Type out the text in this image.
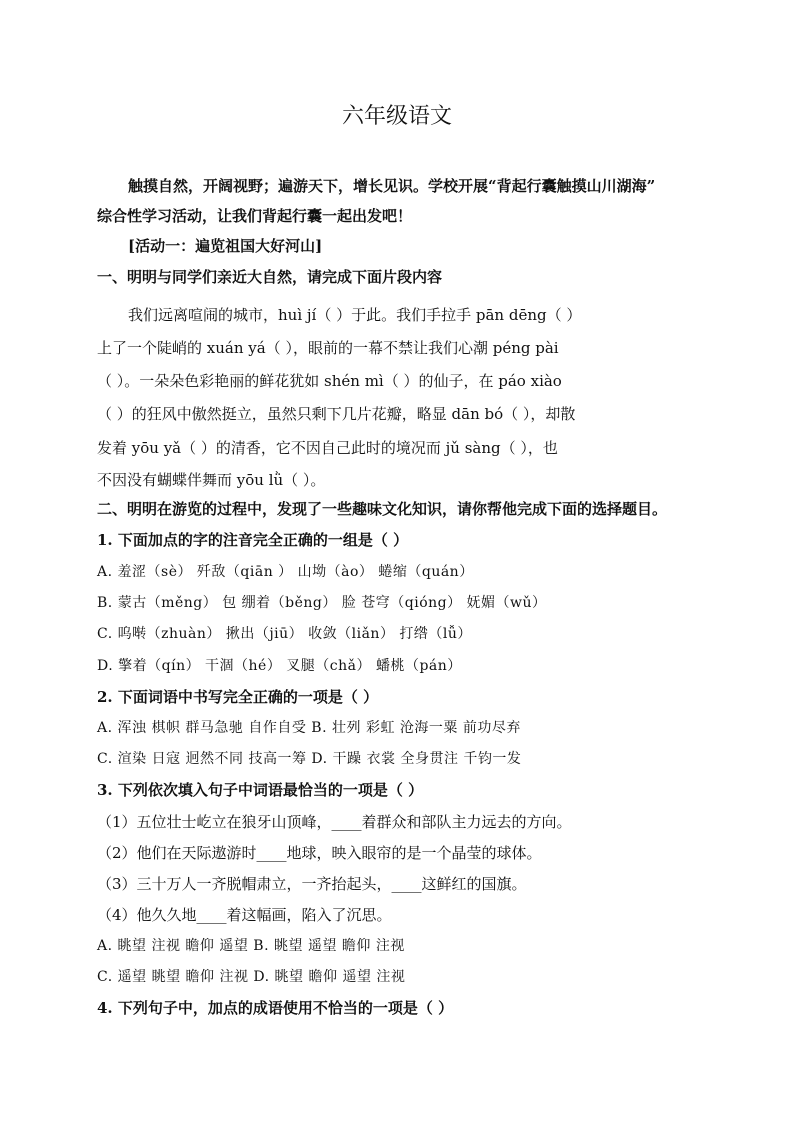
六年级语文
触摸自然，开阔视野；遍游天下，增长见识。学校开展“背起行囊触摸山川湖海”
综合性学习活动，让我们背起行囊一起出发吧！
[活动一：遍览祖国大好河山]
一、明明与同学们亲近大自然，请完成下面片段内容
我们远离喧闹的城市，huì jí（ ）于此。我们手拉手 pān dēng（ ）
上了一个陡峭的 xuán yá（ ），眼前的一幕不禁让我们心潮 péng pài
（ ）。一朵朵色彩艳丽的鲜花犹如 shén mì（ ）的仙子，在 páo xiào
（ ）的狂风中傲然挺立，虽然只剩下几片花瓣，略显 dān bó（ ），却散
发着 yōu yǎ（ ）的清香，它不因自己此时的境况而 jǔ sàng（ ），也
不因没有蝴蝶伴舞而 yōu lǜ（ ）。
二、明明在游览的过程中，发现了一些趣味文化知识，请你帮他完成下面的选择题目。
1. 下面加点的字的注音完全正确的一组是（ ）
A. 羞涩（sè） 歼敌（qiān ） 山坳（ào） 蜷缩（quán）
B. 蒙古（měng） 包 绷着（běng） 脸 苍穹（qióng） 妩媚（wǔ）
C. 呜啭（zhuàn） 揪出（jiū） 收敛（liǎn） 打绺（lǚ）
D. 擎着（qín） 干涸（hé） 叉腿（chǎ） 蟠桃（pán）
2. 下面词语中书写完全正确的一项是（ ）
A. 浑浊 棋帜 群马急驰 自作自受 B. 壮列 彩虹 沧海一粟 前功尽弃
C. 渲染 日寇 迥然不同 技高一筹 D. 干躁 衣裳 全身贯注 千钧一发
3. 下列依次填入句子中词语最恰当的一项是（ ）
（1）五位壮士屹立在狼牙山顶峰，____着群众和部队主力远去的方向。
（2）他们在天际遨游时____地球，映入眼帘的是一个晶莹的球体。
（3）三十万人一齐脱帽肃立，一齐抬起头，____这鲜红的国旗。
（4）他久久地____着这幅画，陷入了沉思。
A. 眺望 注视 瞻仰 遥望 B. 眺望 遥望 瞻仰 注视
C. 遥望 眺望 瞻仰 注视 D. 眺望 瞻仰 遥望 注视
4. 下列句子中，加点的成语使用不恰当的一项是（ ）
